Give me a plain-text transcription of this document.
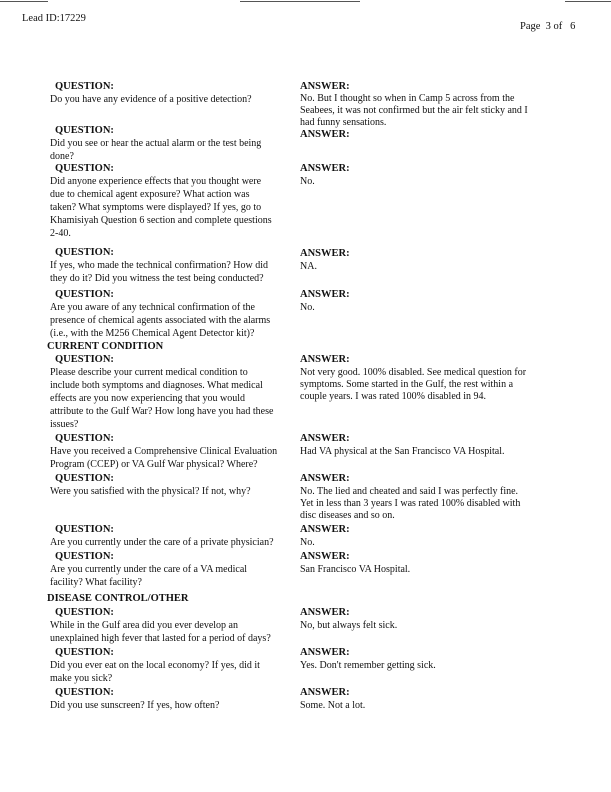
Lead ID:17229
Page  3 of   6
QUESTION:
Do you have any evidence of a positive detection?
ANSWER:
No. But I thought so when in Camp 5 across from the
Seabees, it was not confirmed but the air felt sticky and I
had funny sensations.
QUESTION:
Did you see or hear the actual alarm or the test being
done?
ANSWER:
QUESTION:
Did anyone experience effects that you thought were
due to chemical agent exposure? What action was
taken? What symptoms were displayed? If yes, go to
Khamisiyah Question 6 section and complete questions
2-40.
ANSWER:
No.
QUESTION:
If yes, who made the technical confirmation? How did
they do it? Did you witness the test being conducted?
ANSWER:
NA.
QUESTION:
Are you aware of any technical confirmation of the
presence of chemical agents associated with the alarms
(i.e., with the M256 Chemical Agent Detector kit)?
ANSWER:
No.
CURRENT CONDITION
QUESTION:
Please describe your current medical condition to
include both symptoms and diagnoses. What medical
effects are you now experiencing that you would
attribute to the Gulf War? How long have you had these
issues?
ANSWER:
Not very good. 100% disabled. See medical question for
symptoms. Some started in the Gulf, the rest within a
couple years. I was rated 100% disabled in 94.
QUESTION:
Have you received a Comprehensive Clinical Evaluation
Program (CCEP) or VA Gulf War physical? Where?
ANSWER:
Had VA physical at the San Francisco VA Hospital.
QUESTION:
Were you satisfied with the physical? If not, why?
ANSWER:
No. The lied and cheated and said I was perfectly fine.
Yet in less than 3 years I was rated 100% disabled with
disc diseases and so on.
QUESTION:
Are you currently under the care of a private physician?
ANSWER:
No.
QUESTION:
Are you currently under the care of a VA medical
facility? What facility?
ANSWER:
San Francisco VA Hospital.
DISEASE CONTROL/OTHER
QUESTION:
While in the Gulf area did you ever develop an
unexplained high fever that lasted for a period of days?
ANSWER:
No, but always felt sick.
QUESTION:
Did you ever eat on the local economy? If yes, did it
make you sick?
ANSWER:
Yes. Don't remember getting sick.
QUESTION:
Did you use sunscreen? If yes, how often?
ANSWER:
Some. Not a lot.
